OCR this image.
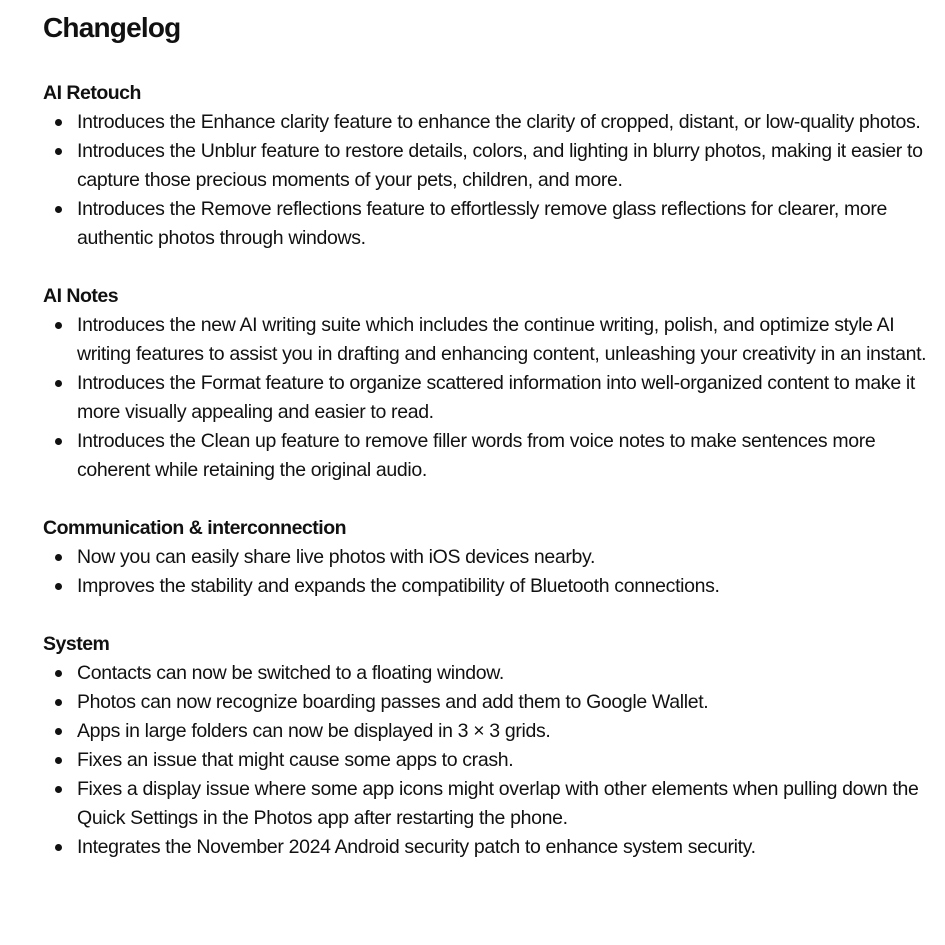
Changelog
AI Retouch
Introduces the Enhance clarity feature to enhance the clarity of cropped, distant, or low-quality photos.
Introduces the Unblur feature to restore details, colors, and lighting in blurry photos, making it easier to capture those precious moments of your pets, children, and more.
Introduces the Remove reflections feature to effortlessly remove glass reflections for clearer, more authentic photos through windows.
AI Notes
Introduces the new AI writing suite which includes the continue writing, polish, and optimize style AI writing features to assist you in drafting and enhancing content, unleashing your creativity in an instant.
Introduces the Format feature to organize scattered information into well-organized content to make it more visually appealing and easier to read.
Introduces the Clean up feature to remove filler words from voice notes to make sentences more coherent while retaining the original audio.
Communication & interconnection
Now you can easily share live photos with iOS devices nearby.
Improves the stability and expands the compatibility of Bluetooth connections.
System
Contacts can now be switched to a floating window.
Photos can now recognize boarding passes and add them to Google Wallet.
Apps in large folders can now be displayed in 3 × 3 grids.
Fixes an issue that might cause some apps to crash.
Fixes a display issue where some app icons might overlap with other elements when pulling down the Quick Settings in the Photos app after restarting the phone.
Integrates the November 2024 Android security patch to enhance system security.
